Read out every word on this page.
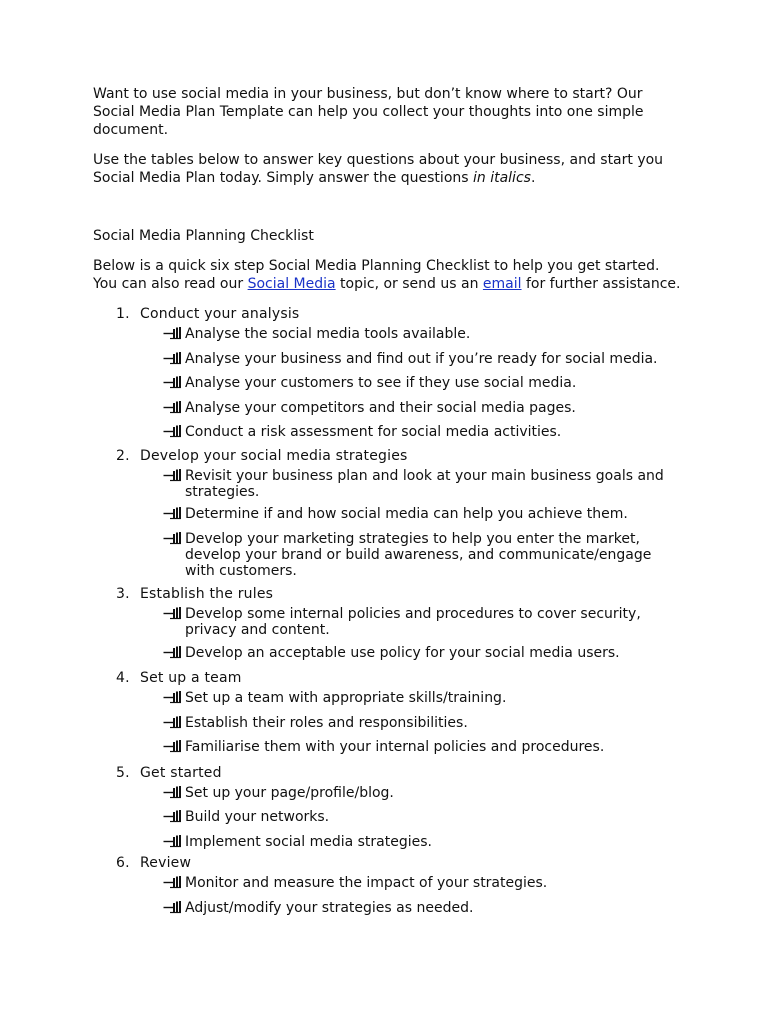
Want to use social media in your business, but don’t know where to start? Our Social Media Plan Template can help you collect your thoughts into one simple document.

Use the tables below to answer key questions about your business, and start you Social Media Plan today. Simply answer the questions in italics.

Social Media Planning Checklist

Below is a quick six step Social Media Planning Checklist to help you get started. You can also read our Social Media topic, or send us an email for further assistance.

1. Conduct your analysis
Analyse the social media tools available.
Analyse your business and find out if you’re ready for social media.
Analyse your customers to see if they use social media.
Analyse your competitors and their social media pages.
Conduct a risk assessment for social media activities.
2. Develop your social media strategies
Revisit your business plan and look at your main business goals and strategies.
Determine if and how social media can help you achieve them.
Develop your marketing strategies to help you enter the market, develop your brand or build awareness, and communicate/engage with customers.
3. Establish the rules
Develop some internal policies and procedures to cover security, privacy and content.
Develop an acceptable use policy for your social media users.
4. Set up a team
Set up a team with appropriate skills/training.
Establish their roles and responsibilities.
Familiarise them with your internal policies and procedures.
5. Get started
Set up your page/profile/blog.
Build your networks.
Implement social media strategies.
6. Review
Monitor and measure the impact of your strategies.
Adjust/modify your strategies as needed.
